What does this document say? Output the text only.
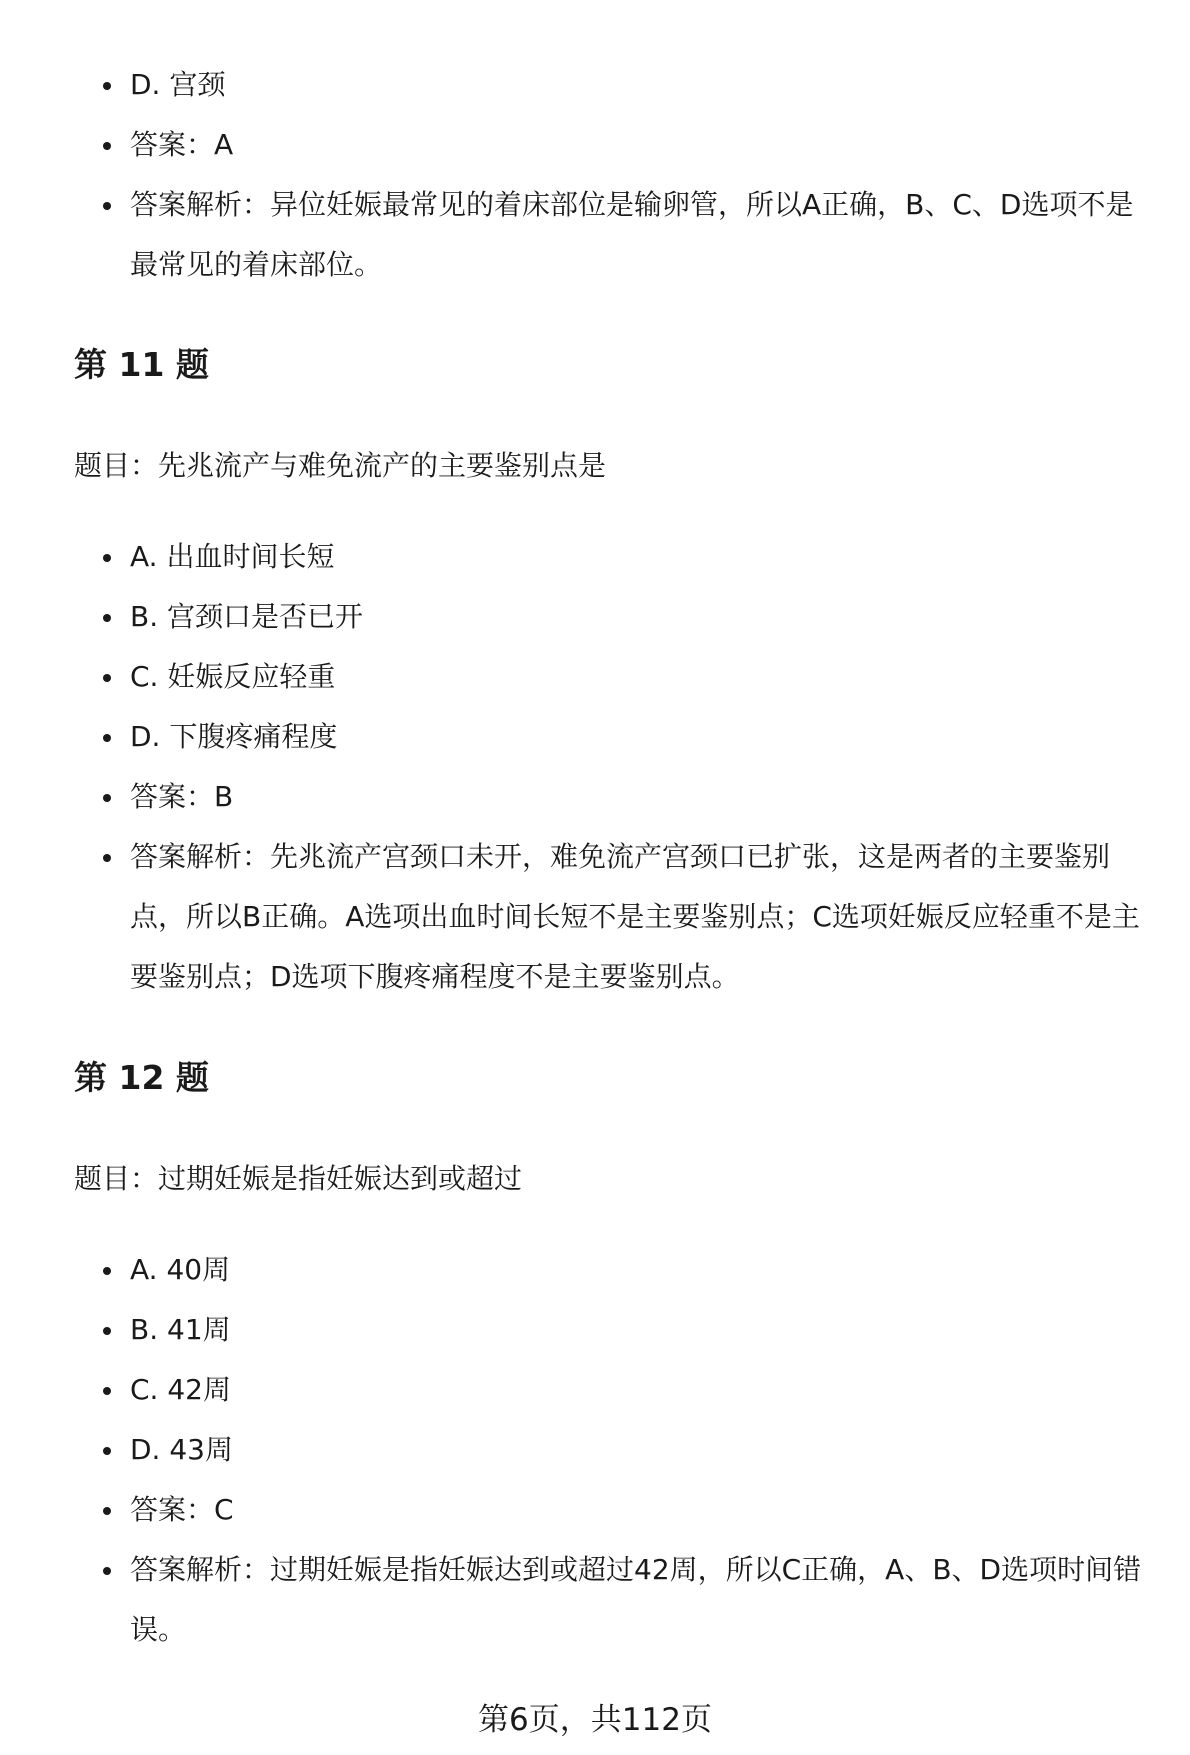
D. 宫颈
答案：A
答案解析：异位妊娠最常见的着床部位是输卵管，所以A正确，B、C、D选项不是最常见的着床部位。
第 11 题

题目：先兆流产与难免流产的主要鉴别点是

A. 出血时间长短
B. 宫颈口是否已开
C. 妊娠反应轻重
D. 下腹疼痛程度
答案：B
答案解析：先兆流产宫颈口未开，难免流产宫颈口已扩张，这是两者的主要鉴别点，所以B正确。A选项出血时间长短不是主要鉴别点；C选项妊娠反应轻重不是主要鉴别点；D选项下腹疼痛程度不是主要鉴别点。
第 12 题

题目：过期妊娠是指妊娠达到或超过

A. 40周
B. 41周
C. 42周
D. 43周
答案：C
答案解析：过期妊娠是指妊娠达到或超过42周，所以C正确，A、B、D选项时间错误。
第6页，共112页
